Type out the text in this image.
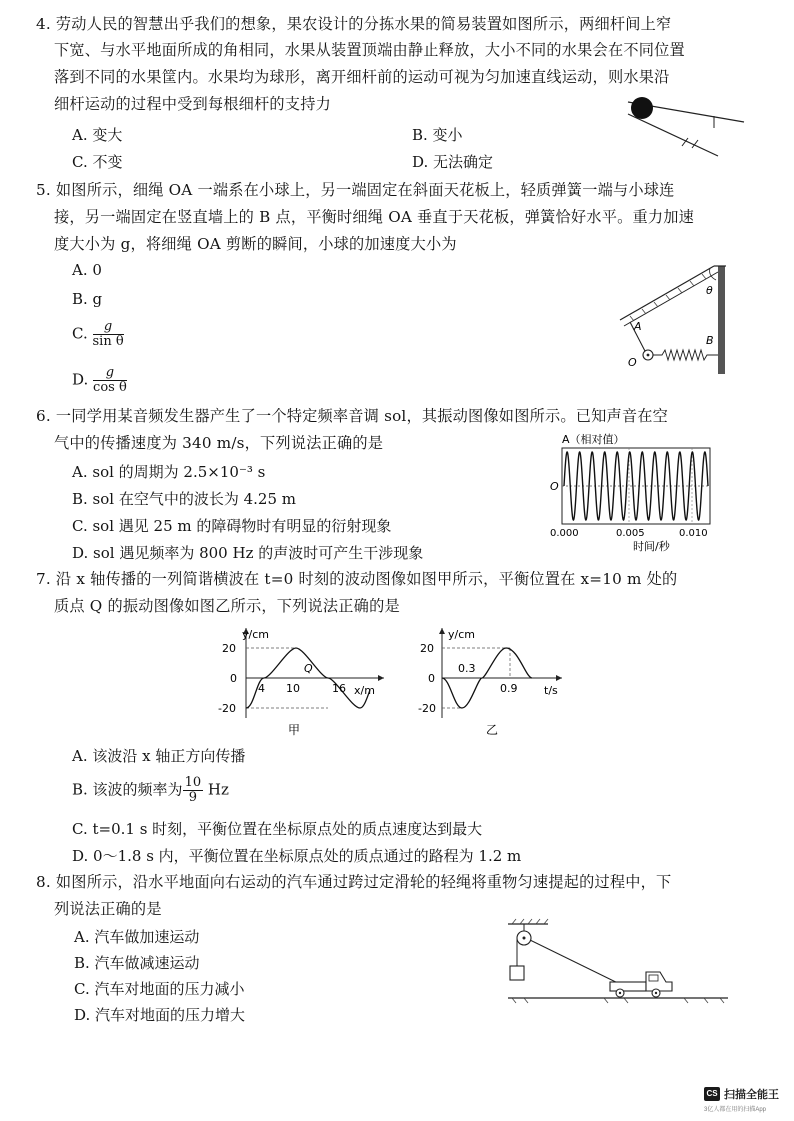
4. 劳动人民的智慧出乎我们的想象，果农设计的分拣水果的简易装置如图所示，两细杆间上窄
下宽、与水平地面所成的角相同，水果从装置顶端由静止释放，大小不同的水果会在不同位置
落到不同的水果筐内。水果均为球形，离开细杆前的运动可视为匀加速直线运动，则水果沿
细杆运动的过程中受到每根细杆的支持力
A. 变大	B. 变小
C. 不变	D. 无法确定
5. 如图所示，细绳 OA 一端系在小球上，另一端固定在斜面天花板上，轻质弹簧一端与小球连
接，另一端固定在竖直墙上的 B 点，平衡时细绳 OA 垂直于天花板，弹簧恰好水平。重力加速
度大小为 g，将细绳 OA 剪断的瞬间，小球的加速度大小为
A. 0
B. g
C. $\frac{g}{\text{sin θ}}$
D. $\frac{g}{\text{cos θ}}$
θ
A
O
B
6. 一同学用某音频发生器产生了一个特定频率音调 sol，其振动图像如图所示。已知声音在空
气中的传播速度为 340 m/s，下列说法正确的是
A. sol 的周期为 2.5×10⁻³ s
B. sol 在空气中的波长为 4.25 m
C. sol 遇见 25 m 的障碍物时有明显的衍射现象
D. sol 遇见频率为 800 Hz 的声波时可产生干涉现象
A（相对值）
O
0.000	0.005	0.010
时间/秒
7. 沿 x 轴传播的一列简谐横波在 t=0 时刻的波动图像如图甲所示，平衡位置在 x=10 m 处的
质点 Q 的振动图像如图乙所示，下列说法正确的是
y/cm
x/m
20
-20
0
4 10	16
Q
甲
y/cm
t/s
20
-20
0
0.3
0.9
乙
A. 该波沿 x 轴正方向传播
B. 该波的频率为 $\frac{10}{9}$ Hz
C. t=0.1 s 时刻，平衡位置在坐标原点处的质点速度达到最大
D. 0～1.8 s 内，平衡位置在坐标原点处的质点通过的路程为 1.2 m
8. 如图所示，沿水平地面向右运动的汽车通过跨过定滑轮的轻绳将重物匀速提起的过程中，下
列说法正确的是
A. 汽车做加速运动
B. 汽车做减速运动
C. 汽车对地面的压力减小
D. 汽车对地面的压力增大
CS 扫描全能王
3亿人都在用的扫描App
